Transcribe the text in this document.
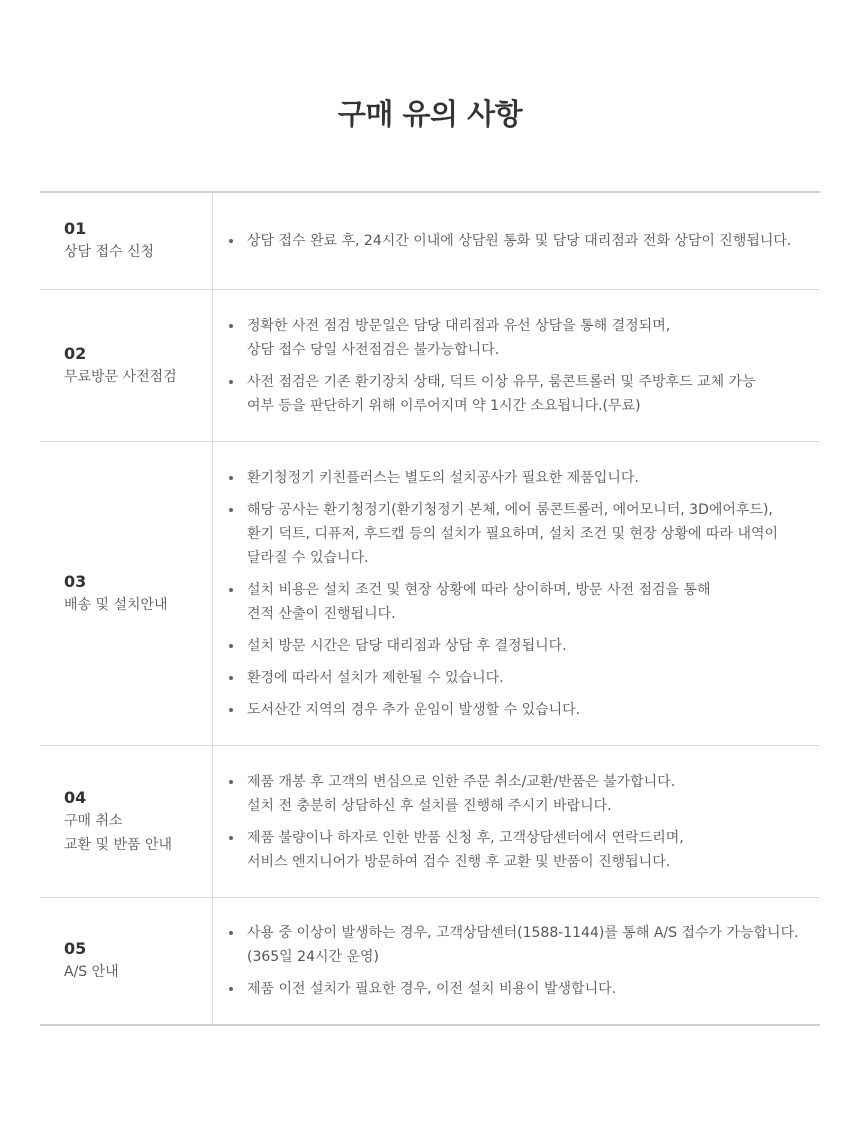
구매 유의 사항
01
상담 접수 신청
상담 접수 완료 후, 24시간 이내에 상담원 통화 및 담당 대리점과 전화 상담이 진행됩니다.
02
무료방문 사전점검
정확한 사전 점검 방문일은 담당 대리점과 유선 상담을 통해 결정되며,
상담 접수 당일 사전점검은 불가능합니다.
사전 점검은 기존 환기장치 상태, 덕트 이상 유무, 룸콘트롤러 및 주방후드 교체 가능
여부 등을 판단하기 위해 이루어지며 약 1시간 소요됩니다.(무료)
03
배송 및 설치안내
환기청정기 키친플러스는 별도의 설치공사가 필요한 제품입니다.
해당 공사는 환기청정기(환기청정기 본체, 에어 룸콘트롤러, 에어모니터, 3D에어후드),
환기 덕트, 디퓨저, 후드캡 등의 설치가 필요하며, 설치 조건 및 현장 상황에 따라 내역이
달라질 수 있습니다.
설치 비용은 설치 조건 및 현장 상황에 따라 상이하며, 방문 사전 점검을 통해
견적 산출이 진행됩니다.
설치 방문 시간은 담당 대리점과 상담 후 결정됩니다.
환경에 따라서 설치가 제한될 수 있습니다.
도서산간 지역의 경우 추가 운임이 발생할 수 있습니다.
04
구매 취소
교환 및 반품 안내
제품 개봉 후 고객의 변심으로 인한 주문 취소/교환/반품은 불가합니다.
설치 전 충분히 상담하신 후 설치를 진행해 주시기 바랍니다.
제품 불량이나 하자로 인한 반품 신청 후, 고객상담센터에서 연락드리며,
서비스 엔지니어가 방문하여 검수 진행 후 교환 및 반품이 진행됩니다.
05
A/S 안내
사용 중 이상이 발생하는 경우, 고객상담센터(1588-1144)를 통해 A/S 접수가 가능합니다.
(365일 24시간 운영)
제품 이전 설치가 필요한 경우, 이전 설치 비용이 발생합니다.
